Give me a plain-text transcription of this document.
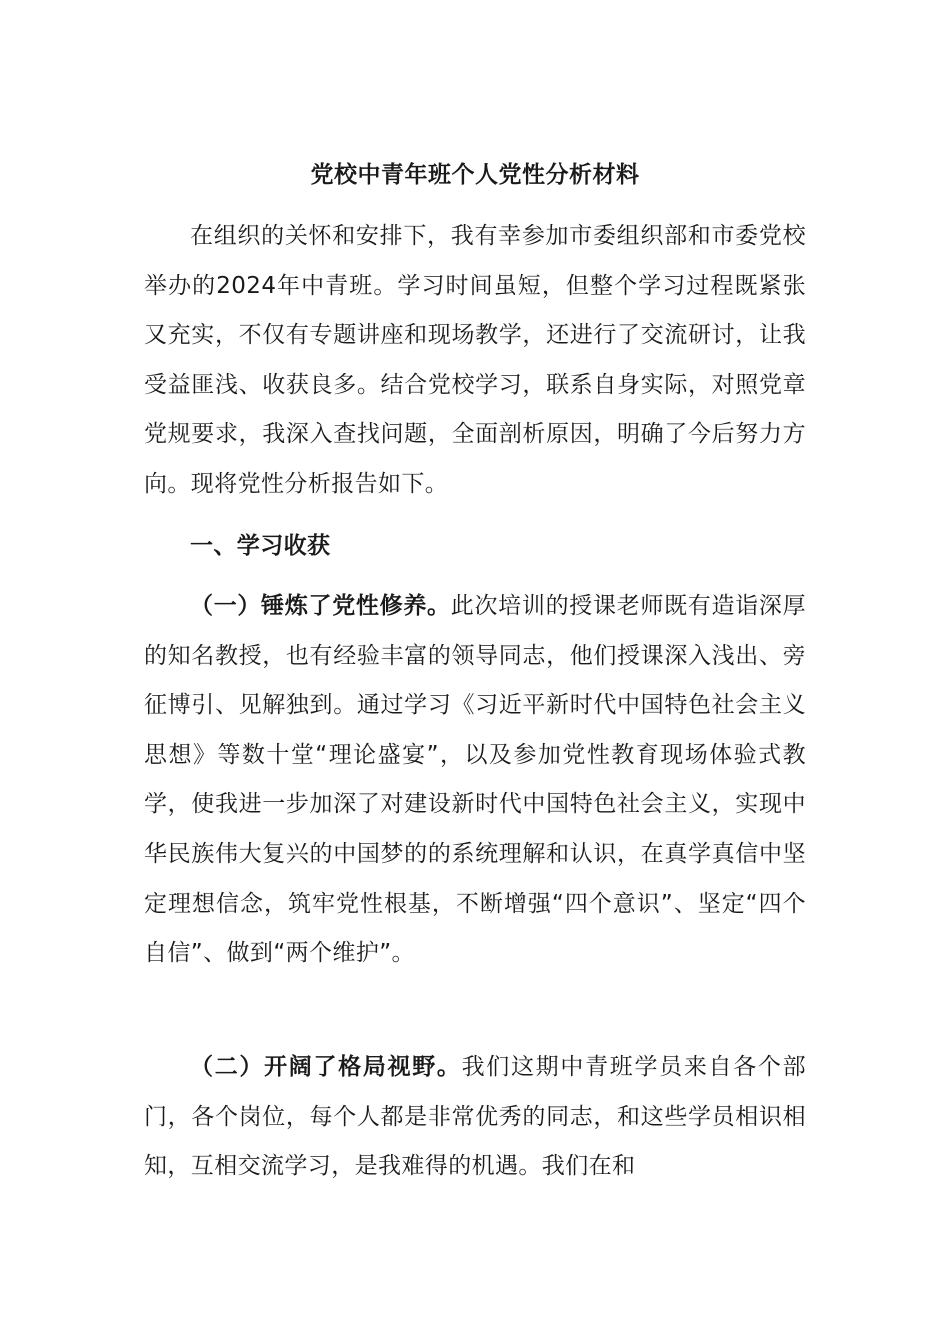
党校中青年班个人党性分析材料

在组织的关怀和安排下，我有幸参加市委组织部和市委党校举办的2024年中青班。学习时间虽短，但整个学习过程既紧张又充实，不仅有专题讲座和现场教学，还进行了交流研讨，让我受益匪浅、收获良多。结合党校学习，联系自身实际，对照党章党规要求，我深入查找问题，全面剖析原因，明确了今后努力方向。现将党性分析报告如下。

一、学习收获

（一）锤炼了党性修养。此次培训的授课老师既有造诣深厚的知名教授，也有经验丰富的领导同志，他们授课深入浅出、旁征博引、见解独到。通过学习《习近平新时代中国特色社会主义思想》等数十堂“理论盛宴”，以及参加党性教育现场体验式教学，使我进一步加深了对建设新时代中国特色社会主义，实现中华民族伟大复兴的中国梦的的系统理解和认识，在真学真信中坚定理想信念，筑牢党性根基，不断增强“四个意识”、坚定“四个自信”、做到“两个维护”。

（二）开阔了格局视野。我们这期中青班学员来自各个部门，各个岗位，每个人都是非常优秀的同志，和这些学员相识相知，互相交流学习，是我难得的机遇。我们在和
